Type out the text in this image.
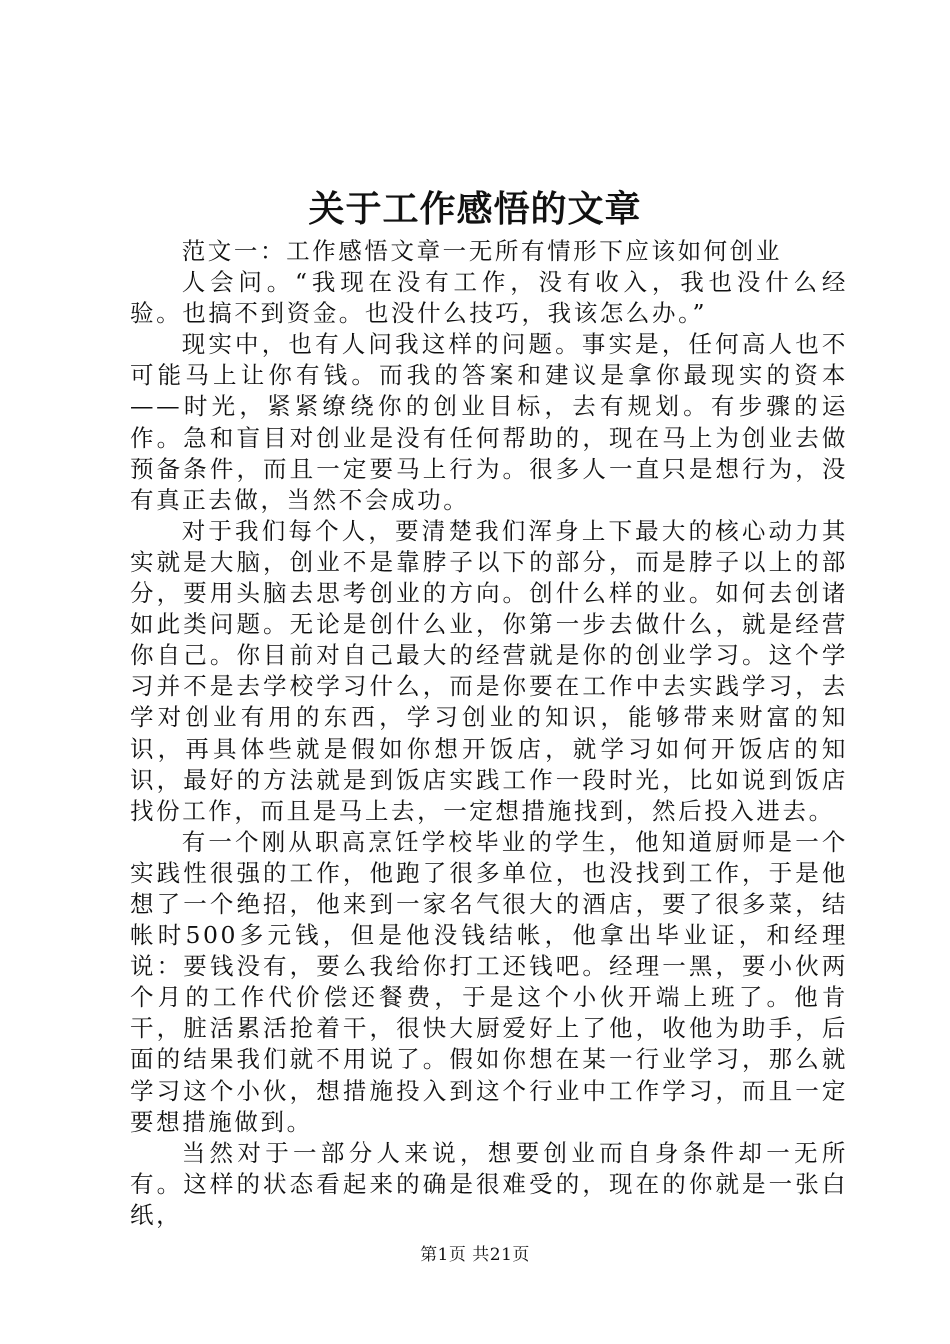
关于工作感悟的文章

范文一：工作感悟文章一无所有情形下应该如何创业

人会问。“我现在没有工作，没有收入，我也没什么经验。也搞不到资金。也没什么技巧，我该怎么办。”

现实中，也有人问我这样的问题。事实是，任何高人也不可能马上让你有钱。而我的答案和建议是拿你最现实的资本——时光，紧紧缭绕你的创业目标，去有规划。有步骤的运作。急和盲目对创业是没有任何帮助的，现在马上为创业去做预备条件，而且一定要马上行为。很多人一直只是想行为，没有真正去做，当然不会成功。

对于我们每个人，要清楚我们浑身上下最大的核心动力其实就是大脑，创业不是靠脖子以下的部分，而是脖子以上的部分，要用头脑去思考创业的方向。创什么样的业。如何去创诸如此类问题。无论是创什么业，你第一步去做什么，就是经营你自己。你目前对自己最大的经营就是你的创业学习。这个学习并不是去学校学习什么，而是你要在工作中去实践学习，去学对创业有用的东西，学习创业的知识，能够带来财富的知识，再具体些就是假如你想开饭店，就学习如何开饭店的知识，最好的方法就是到饭店实践工作一段时光，比如说到饭店找份工作，而且是马上去，一定想措施找到，然后投入进去。

有一个刚从职高烹饪学校毕业的学生，他知道厨师是一个实践性很强的工作，他跑了很多单位，也没找到工作，于是他想了一个绝招，他来到一家名气很大的酒店，要了很多菜，结帐时500多元钱，但是他没钱结帐，他拿出毕业证，和经理说：要钱没有，要么我给你打工还钱吧。经理一黑，要小伙两个月的工作代价偿还餐费，于是这个小伙开端上班了。他肯干，脏活累活抢着干，很快大厨爱好上了他，收他为助手，后面的结果我们就不用说了。假如你想在某一行业学习，那么就学习这个小伙，想措施投入到这个行业中工作学习，而且一定要想措施做到。

当然对于一部分人来说，想要创业而自身条件却一无所有。这样的状态看起来的确是很难受的，现在的你就是一张白纸，

第1页 共21页
